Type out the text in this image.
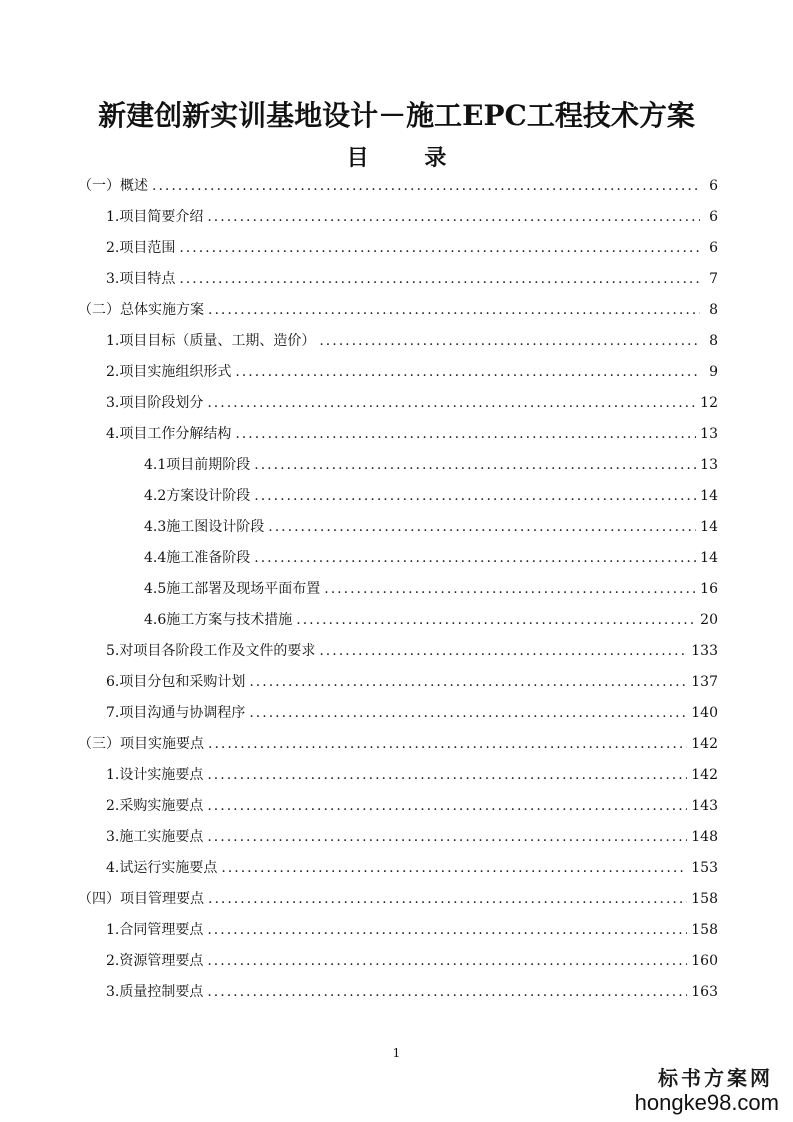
新建创新实训基地设计－施工EPC工程技术方案
目 录
（一）概述 .....	6
1.项目简要介绍 .....	6
2.项目范围 .....	6
3.项目特点 .....	7
（二）总体实施方案 .....	8
1.项目目标（质量、工期、造价） .....	8
2.项目实施组织形式 .....	9
3.项目阶段划分 .....	12
4.项目工作分解结构 .....	13
4.1项目前期阶段 .....	13
4.2方案设计阶段 .....	14
4.3施工图设计阶段 .....	14
4.4施工准备阶段 .....	14
4.5施工部署及现场平面布置 .....	16
4.6施工方案与技术措施 .....	20
5.对项目各阶段工作及文件的要求 .....	133
6.项目分包和采购计划 .....	137
7.项目沟通与协调程序 .....	140
（三）项目实施要点 .....	142
1.设计实施要点 .....	142
2.采购实施要点 .....	143
3.施工实施要点 .....	148
4.试运行实施要点 .....	153
（四）项目管理要点 .....	158
1.合同管理要点 .....	158
2.资源管理要点 .....	160
3.质量控制要点 .....	163
1
标书方案网
hongke98.com
